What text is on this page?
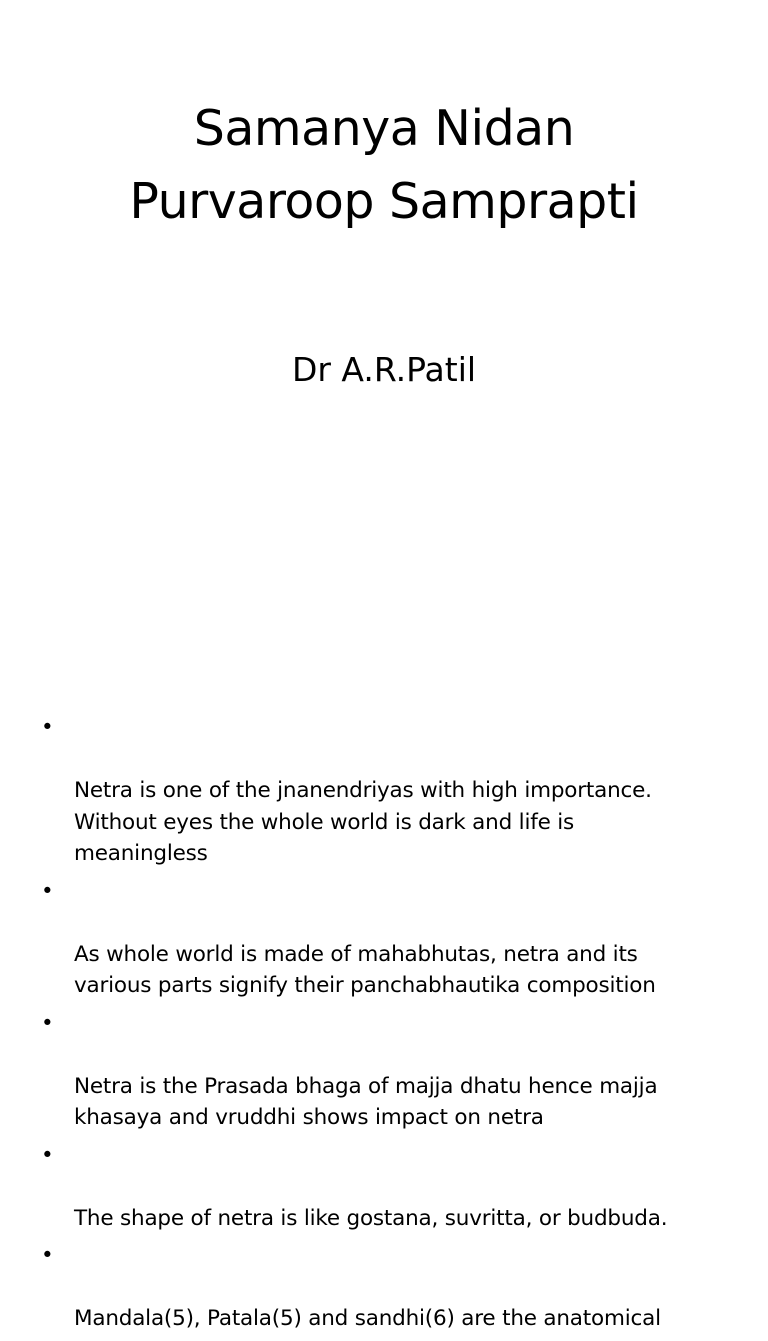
Samanya Nidan
Purvaroop Samprapti

Dr A.R.Patil

•

Netra is one of the jnanendriyas with high importance.
Without eyes the whole world is dark and life is
meaningless

•

As whole world is made of mahabhutas, netra and its
various parts signify their panchabhautika composition

•

Netra is the Prasada bhaga of majja dhatu hence majja
khasaya and vruddhi shows impact on netra

•

The shape of netra is like gostana, suvritta, or budbuda.

•

Mandala(5), Patala(5) and sandhi(6) are the anatomical
